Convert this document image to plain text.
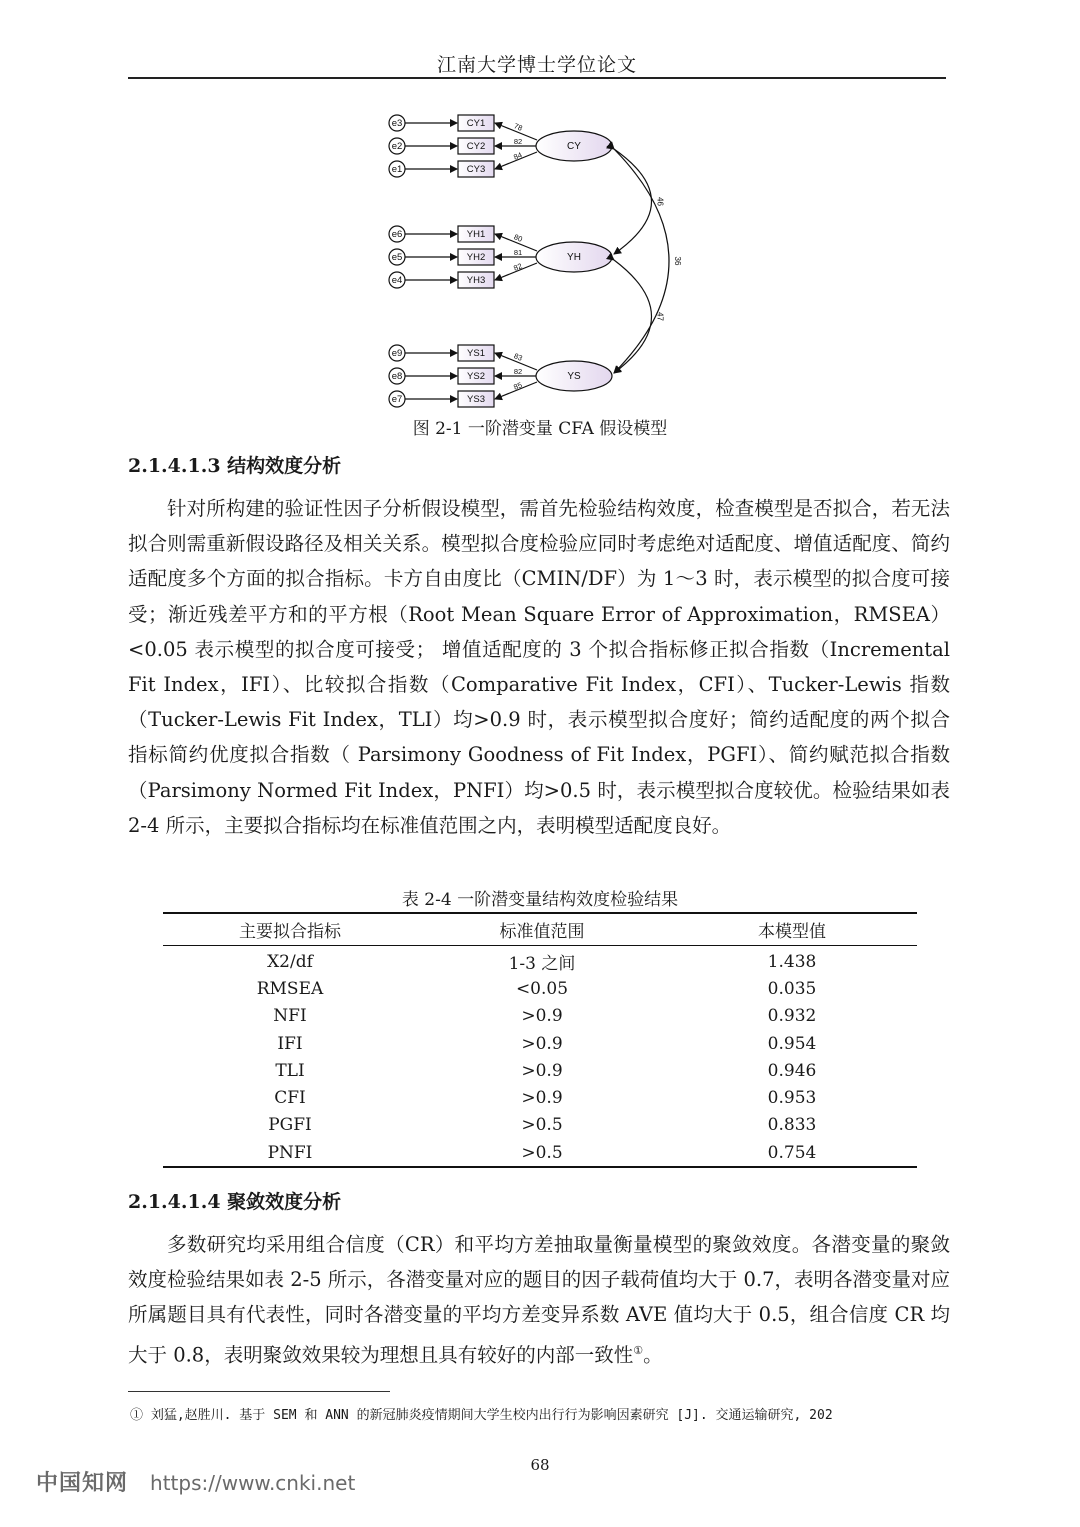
江南大学博士学位论文
e3	CY1	78
e2	CY2	82
e1	CY3
84
CY
e6	YH1	80
e5	YH2	81
e4	YH3
82
YH
e9	YS1	83
e8	YS2	82
e7	YS3
85
YS
46
47
36
图 2-1 一阶潜变量 CFA 假设模型
2.1.4.1.3 结构效度分析

针对所构建的验证性因子分析假设模型，需首先检验结构效度，检查模型是否拟合，若无法拟合则需重新假设路径及相关关系。模型拟合度检验应同时考虑绝对适配度、增值适配度、简约适配度多个方面的拟合指标。卡方自由度比（CMIN/DF）为 1～3 时，表示模型的拟合度可接受；渐近残差平方和的平方根（Root Mean Square Error of Approximation，RMSEA）<0.05 表示模型的拟合度可接受； 增值适配度的 3 个拟合指标修正拟合指数（Incremental Fit Index，IFI）、比较拟合指数（Comparative Fit Index，CFI）、Tucker-Lewis 指数（Tucker-Lewis Fit Index，TLI）均>0.9 时，表示模型拟合度好；简约适配度的两个拟合指标简约优度拟合指数（ Parsimony Goodness of Fit Index，PGFI）、简约赋范拟合指数（Parsimony Normed Fit Index，PNFI）均>0.5 时，表示模型拟合度较优。检验结果如表 2-4 所示，主要拟合指标均在标准值范围之内，表明模型适配度良好。

表 2-4 一阶潜变量结构效度检验结果
主要拟合指标	标准值范围	本模型值
X2/df	1-3 之间	1.438
RMSEA	<0.05	0.035
NFI	>0.9	0.932
IFI	>0.9	0.954
TLI	>0.9	0.946
CFI	>0.9	0.953
PGFI	>0.5	0.833
PNFI	>0.5	0.754
2.1.4.1.4 聚敛效度分析

多数研究均采用组合信度（CR）和平均方差抽取量衡量模型的聚敛效度。各潜变量的聚敛效度检验结果如表 2-5 所示，各潜变量对应的题目的因子载荷值均大于 0.7，表明各潜变量对应所属题目具有代表性，同时各潜变量的平均方差变异系数 AVE 值均大于 0.5，组合信度 CR 均大于 0.8，表明聚敛效果较为理想且具有较好的内部一致性①。

① 刘猛,赵胜川. 基于 SEM 和 ANN 的新冠肺炎疫情期间大学生校内出行行为影响因素研究 [J]. 交通运输研究, 202
68
中国知网 https://www.cnki.net
